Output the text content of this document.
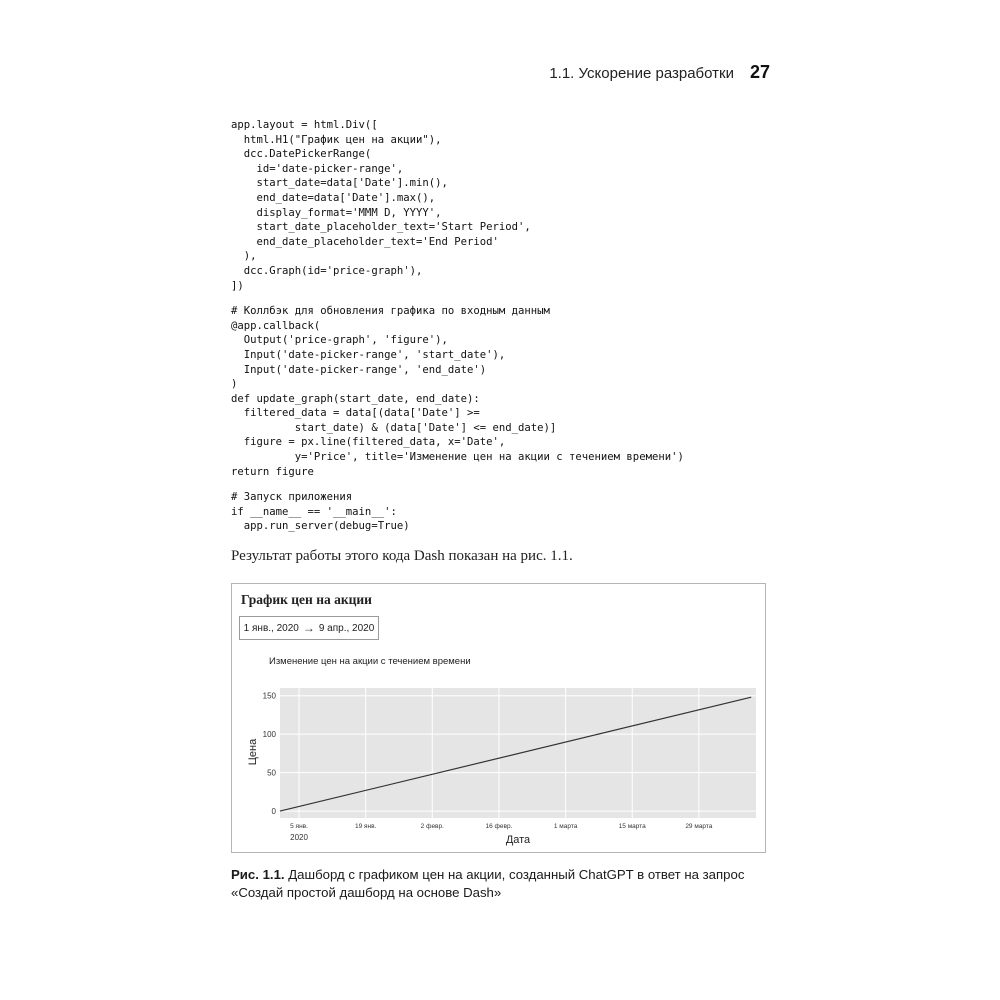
1.1. Ускорение разработки 27
app.layout = html.Div([
html.H1("График цен на акции"),
dcc.DatePickerRange(
id='date-picker-range',
start_date=data['Date'].min(),
end_date=data['Date'].max(),
display_format='MMM D, YYYY',
start_date_placeholder_text='Start Period',
end_date_placeholder_text='End Period'
),
dcc.Graph(id='price-graph'),
])
# Коллбэк для обновления графика по входным данным
@app.callback(
Output('price-graph', 'figure'),
Input('date-picker-range', 'start_date'),
Input('date-picker-range', 'end_date')
)
def update_graph(start_date, end_date):
filtered_data = data[(data['Date'] >=
start_date) & (data['Date'] <= end_date)]
figure = px.line(filtered_data, x='Date',
y='Price', title='Изменение цен на акции с течением времени')
return figure
# Запуск приложения
if __name__ == '__main__':
app.run_server(debug=True)
Результат работы этого кода Dash показан на рис. 1.1.
График цен на акции
1 янв., 2020 → 9 апр., 2020
Изменение цен на акции с течением времени
Дата
Цена
0
50
100
150
5 янв.	19 янв.	2 февр.	16 февр.	1 марта	15 марта	29 марта
2020
Рис. 1.1. Дашборд с графиком цен на акции, созданный ChatGPT в ответ на запрос «Создай простой дашборд на основе Dash»
